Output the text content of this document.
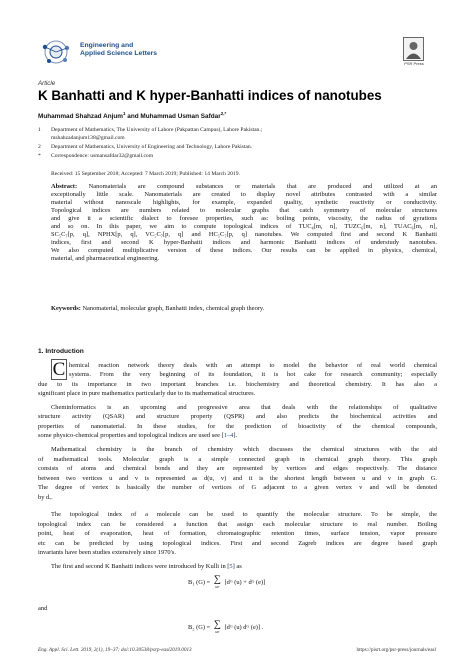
Engineering and
Applied Science Letters
PSR Press
Article
K Banhatti and K hyper-Banhatti indices of nanotubes
Muhammad Shahzad Anjum$^1$ and Muhammad Usman Safdar$^{2,*}$
1 Department of Mathematics, The University of Lahore (Pakpattan Campus), Lahore Pakistan.;
mshahzadanjum138@gmail.com
2 Department of Mathematics, University of Engineering and Technology, Lahore Pakistan.
* Correspondence: usmansafdar32@gmail.com
Received: 15 September 2018; Accepted: 7 March 2019; Published: 14 March 2019.
Abstract: Nanomaterials are compound substances or materials that are produced and utilized at an
exceptionally little scale. Nanomaterials are created to display novel attributes contrasted with a similar
material without nanoscale highlights, for example, expanded quality, synthetic reactivity or conductivity.
Topological indices are numbers related to molecular graphs that catch symmetry of molecular structures
and give it a scientific dialect to foresee properties, such as: boiling points, viscosity, the radius of gyrations
and so on. In this paper, we aim to compute topological indices of TUC₄[m, n], TUZC₆[m, n], TUAC₆[m, n],
SC₅C₇[p, q], NPHX[p, q], VC₅C₇[p, q] and HC₅C₇[p, q] nanotubes. We computed first and second K Banhatti
indices, first and second K hyper-Banhatti indices and harmonic Banhatti indices of understudy nanotubes.
We also computed multiplicative version of these indices. Our results can be applied in physics, chemical,
material, and pharmaceutical engineering.
Keywords: Nanomaterial, molecular graph, Banhatti index, chemical graph theory.
1. Introduction
C hemical reaction network theory deals with an attempt to model the behavior of real world chemical
systems. From the very beginning of its foundation, it is hot cake for research community; especially
due to its importance in two important branches i.e. biochemistry and theoretical chemistry. It has also a
significant place in pure mathematics particularly due to its mathematical structures.
Cheminformatics is an upcoming and progressive area that deals with the relationships of qualitative
structure activity (QSAR) and structure property (QSPR) and also predicts the biochemical activities and
properties of nanomaterial. In these studies, for the prediction of bioactivity of the chemical compounds,
some physico-chemical properties and topological indices are used see [1–4].
Mathematical chemistry is the branch of chemistry which discusses the chemical structures with the aid
of mathematical tools. Molecular graph is a simple connected graph in chemical graph theory. This graph
consists of atoms and chemical bonds and they are represented by vertices and edges respectively. The distance
between two vertices u and v is represented as d(u, v) and it is the shortest length between u and v in graph G.
The degree of vertex is basically the number of vertices of G adjacent to a given vertex v and will be denoted
by dᵥ.
The topological index of a molecule can be used to quantify the molecular structure. To be simple, the
topological index can be considered a function that assign each molecular structure to real number. Boiling
point, heat of evaporation, heat of formation, chromatographic retention times, surface tension, vapor pressure
etc can be predicted by using topological indices. First and second Zagreb indices are degree based graph
invariants have been studies extensively since 1970's.
The first and second K Banhatti indices were introduced by Kulli in [5] as
B₁ (G) = ∑
ue
[dᴳ (u) + dᴳ (e)]
and
B₂ (G) = ∑
ue
[dᴳ (u) dᴳ (e)] .
Eng. Appl. Sci. Lett. 2019, 2(1), 19–37; doi:10.30538/psrp-easl2019.0013	https://pisrt.org/psr-press/journals/easl
